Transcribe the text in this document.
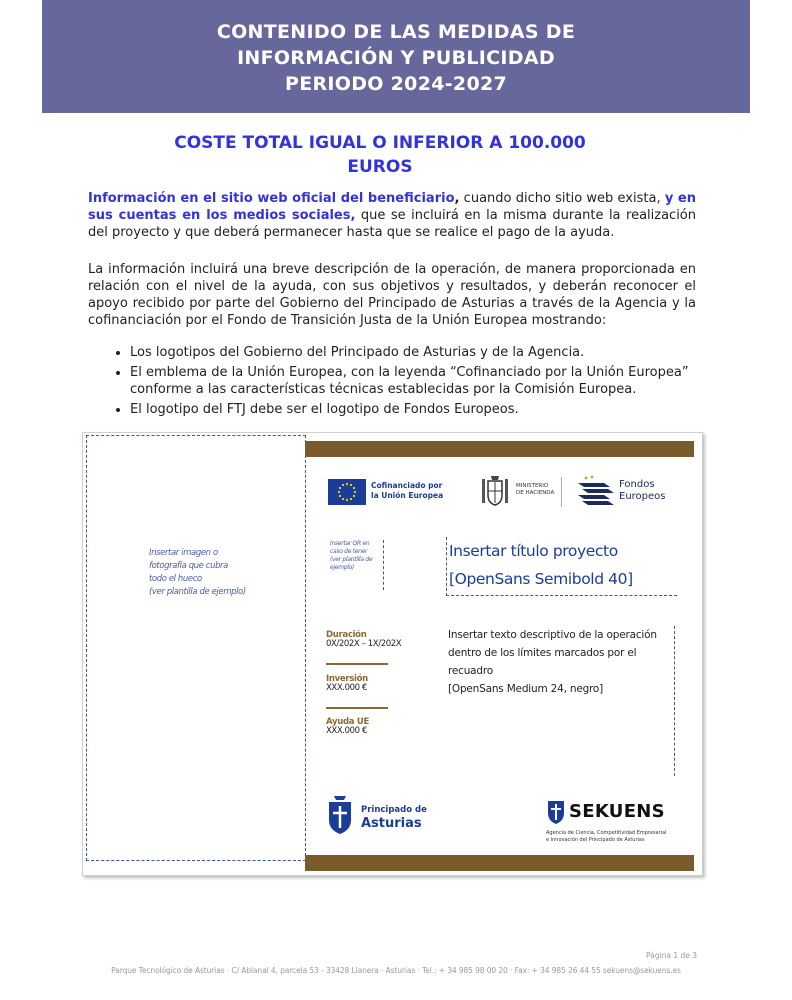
CONTENIDO DE LAS MEDIDAS DE
INFORMACIÓN Y PUBLICIDAD
PERIODO 2024-2027
COSTE TOTAL IGUAL O INFERIOR A 100.000
EUROS

Información en el sitio web oficial del beneficiario, cuando dicho sitio web exista, y en sus cuentas en los medios sociales, que se incluirá en la misma durante la realización del proyecto y que deberá permanecer hasta que se realice el pago de la ayuda.

La información incluirá una breve descripción de la operación, de manera proporcionada en relación con el nivel de la ayuda, con sus objetivos y resultados, y deberán reconocer el apoyo recibido por parte del Gobierno del Principado de Asturias a través de la Agencia y la cofinanciación por el Fondo de Transición Justa de la Unión Europea mostrando:

• Los logotipos del Gobierno del Principado de Asturias y de la Agencia.
• El emblema de la Unión Europea, con la leyenda “Cofinanciado por la Unión Europea” conforme a las características técnicas establecidas por la Comisión Europea.
• El logotipo del FTJ debe ser el logotipo de Fondos Europeos.
Insertar imagen o
fotografía que cubra
todo el hueco
(ver plantilla de ejemplo)
Cofinanciado por
la Unión Europea
MINISTERIO
DE HACIENDA
Fondos
Europeos
Insertar QR en
caso de tener
(ver plantilla de
ejemplo)
Insertar título proyecto
[OpenSans Semibold 40]
Duración
0X/202X – 1X/202X
Inversión
XXX.000 €
Ayuda UE
XXX.000 €
Insertar texto descriptivo de la operación
dentro de los límites marcados por el
recuadro
[OpenSans Medium 24, negro]
Principado de
Asturias
SEKUENS
Agencia de Ciencia, Competitividad Empresarial
e Innovación del Principado de Asturias
Página 1 de 3
Parque Tecnológico de Asturias · C/ Ablanal 4, parcela 53 - 33428 Llanera · Asturias · Tel.: + 34 985 98 00 20 · Fax: + 34 985 26 44 55 sekuens@sekuens.es
